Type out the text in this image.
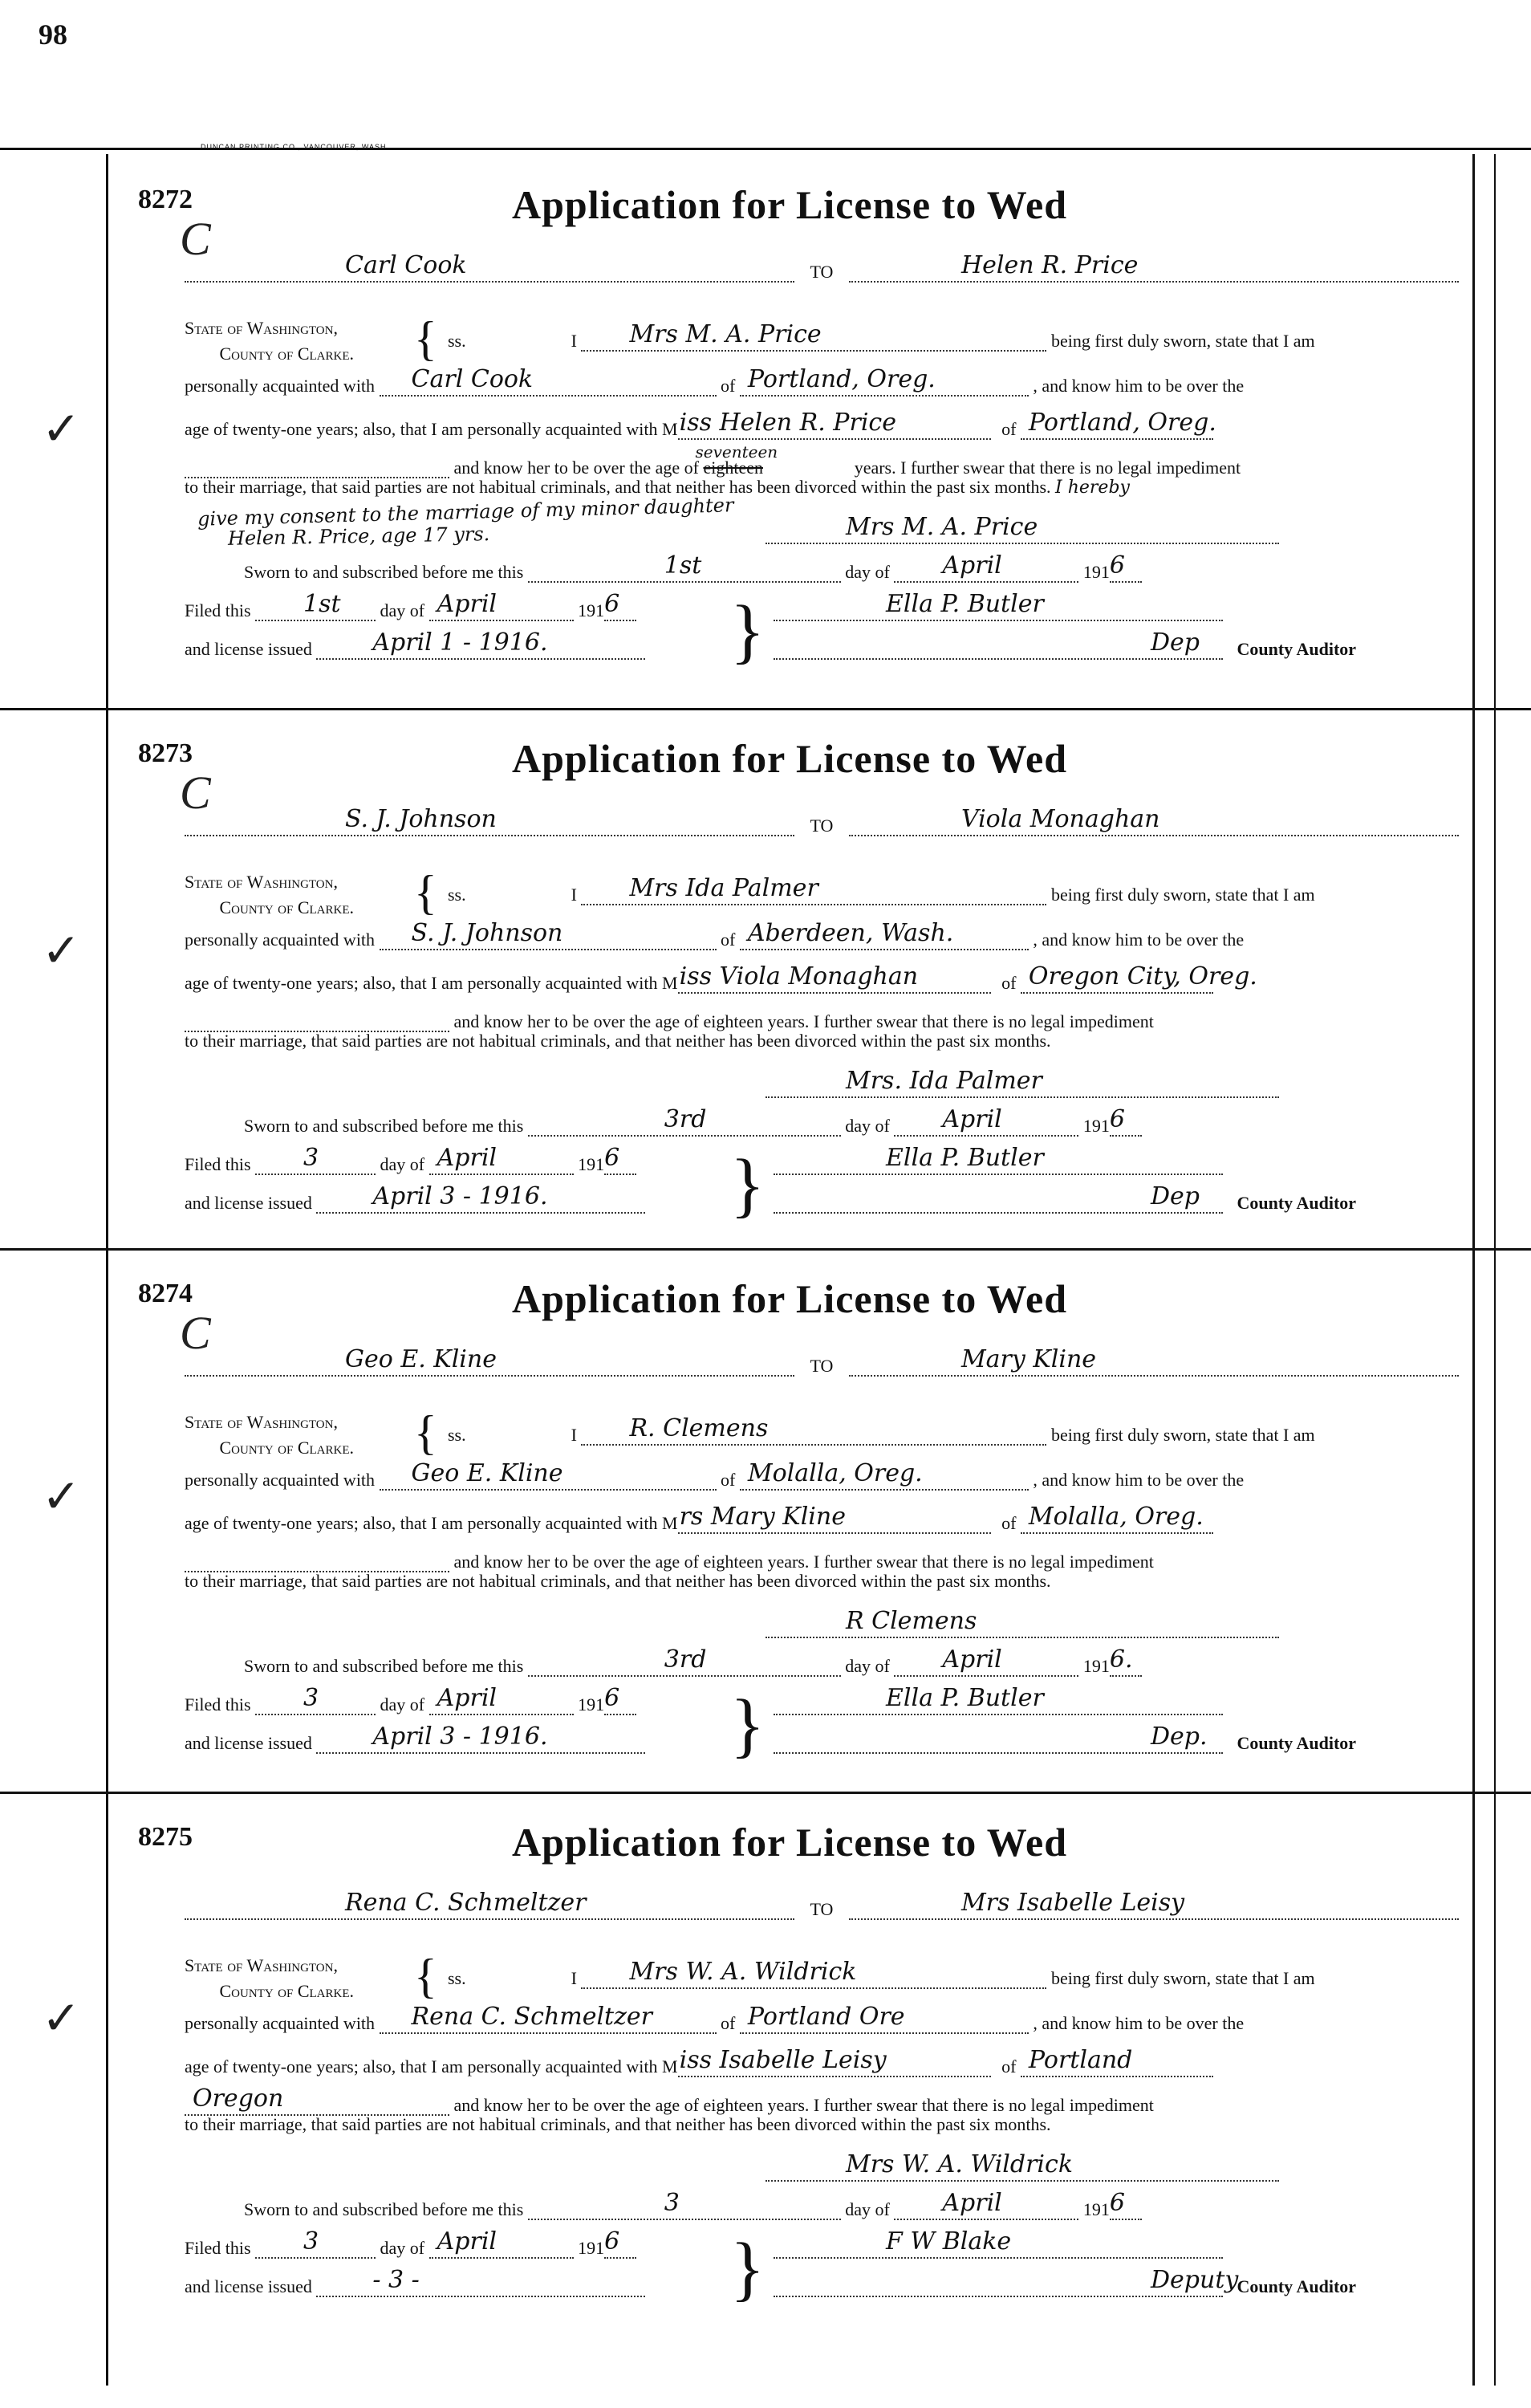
98
DUNCAN PRINTING CO., VANCOUVER, WASH.
✓
✓
✓
✓
8272
C
Application for License to Wed
Carl Cook	TO	Helen R. Price
State of Washington,
County of Clarke.	{ ss.	I Mrs M. A. Price	being first duly sworn, state that I am
personally acquainted with Carl Cook	of Portland, Oreg.	, and know him to be over the
age of twenty-one years; also, that I am personally acquainted with M iss Helen R. Price	of Portland, Oreg.
and know her to be over the age of eighteen seventeen years. I further swear that there is no legal impediment
to their marriage, that said parties are not habitual criminals, and that neither has been divorced within the past six months. I hereby
give my consent to the marriage of my minor daughter
Helen R. Price, age 17 yrs.	Mrs M. A. Price
Sworn to and subscribed before me this	1st	day of April	191 6
Filed this 1st day of April	191 6
and license issued	April 1 - 1916.	}	Ella P. Butler
Dep County Auditor
8273
C
Application for License to Wed
S. J. Johnson	TO	Viola Monaghan
State of Washington,
County of Clarke.	{ ss.	I Mrs Ida Palmer	being first duly sworn, state that I am
personally acquainted with S. J. Johnson	of Aberdeen, Wash.	, and know him to be over the
age of twenty-one years; also, that I am personally acquainted with M iss Viola Monaghan	of Oregon City, Oreg.
and know her to be over the age of eighteen years. I further swear that there is no legal impediment
to their marriage, that said parties are not habitual criminals, and that neither has been divorced within the past six months.
Mrs. Ida Palmer
Sworn to and subscribed before me this	3rd	day of April	191 6
Filed this 3	day of April	191 6
and license issued	April 3 - 1916.	}	Ella P. Butler
Dep County Auditor
8274
C
Application for License to Wed
Geo E. Kline	TO	Mary Kline
State of Washington,
County of Clarke.	{ ss.	I R. Clemens	being first duly sworn, state that I am
personally acquainted with Geo E. Kline	of Molalla, Oreg.	, and know him to be over the
age of twenty-one years; also, that I am personally acquainted with M rs Mary Kline	of Molalla, Oreg.
and know her to be over the age of eighteen years. I further swear that there is no legal impediment
to their marriage, that said parties are not habitual criminals, and that neither has been divorced within the past six months.
R Clemens
Sworn to and subscribed before me this	3rd	day of April	191 6.
Filed this 3	day of April	191 6
and license issued	April 3 - 1916.	}	Ella P. Butler
Dep. County Auditor
8275	Application for License to Wed
Rena C. Schmeltzer	TO	Mrs Isabelle Leisy
State of Washington,
County of Clarke.	{ ss.	I Mrs W. A. Wildrick	being first duly sworn, state that I am
personally acquainted with Rena C. Schmeltzer	of Portland Ore	, and know him to be over the
age of twenty-one years; also, that I am personally acquainted with M iss Isabelle Leisy	of Portland
Oregon	and know her to be over the age of eighteen years. I further swear that there is no legal impediment
to their marriage, that said parties are not habitual criminals, and that neither has been divorced within the past six months.
Mrs W. A. Wildrick
Sworn to and subscribed before me this	3	day of April	191 6
Filed this 3	day of April	191 6
and license issued	- 3 -	}	F W Blake
Deputy
County Auditor
